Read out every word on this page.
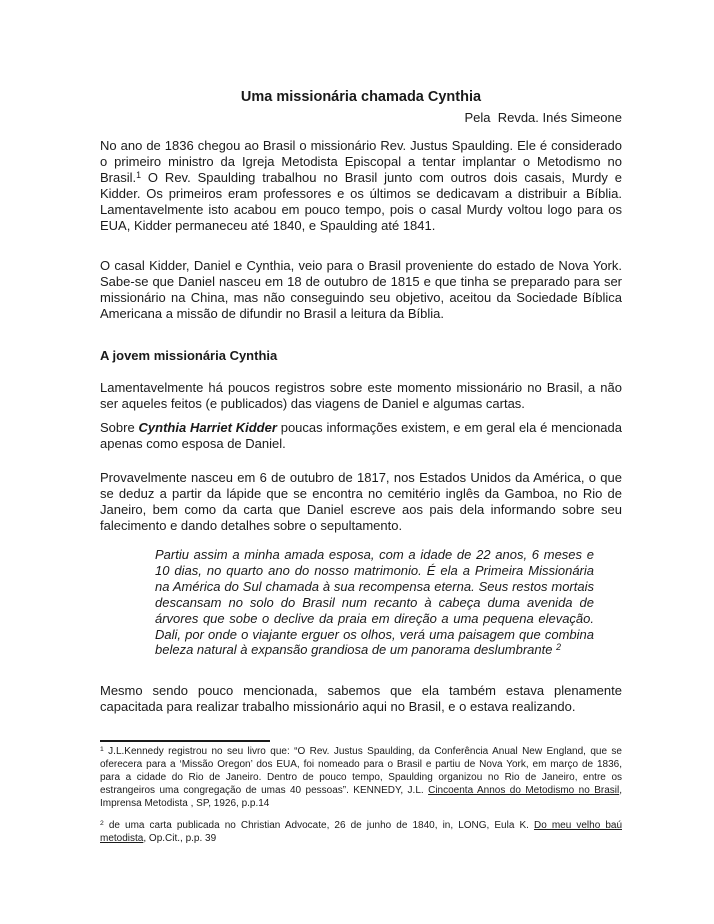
Uma missionária chamada Cynthia
Pela  Revda. Inés Simeone
No ano de 1836 chegou ao Brasil o missionário Rev. Justus Spaulding. Ele é considerado o primeiro ministro da Igreja Metodista Episcopal a tentar implantar o Metodismo no Brasil.$^1$ O Rev. Spaulding trabalhou no Brasil junto com outros dois casais, Murdy e Kidder. Os primeiros eram professores e os últimos se dedicavam a distribuir a Bíblia. Lamentavelmente isto acabou em pouco tempo, pois o casal Murdy voltou logo para os EUA, Kidder permaneceu até 1840, e Spaulding até 1841.
O casal Kidder, Daniel e Cynthia, veio para o Brasil proveniente do estado de Nova York. Sabe-se que Daniel nasceu em 18 de outubro de 1815 e que tinha se preparado para ser missionário na China, mas não conseguindo seu objetivo, aceitou da Sociedade Bíblica Americana a missão de difundir no Brasil a leitura da Bíblia.
A jovem missionária Cynthia
Lamentavelmente há poucos registros sobre este momento missionário no Brasil, a não ser aqueles feitos (e publicados) das viagens de Daniel e algumas cartas.
Sobre Cynthia Harriet Kidder poucas informações existem, e em geral ela é mencionada apenas como esposa de Daniel.
Provavelmente nasceu em 6 de outubro de 1817, nos Estados Unidos da América, o que se deduz a partir da lápide que se encontra no cemitério inglês da Gamboa, no Rio de Janeiro, bem como da carta que Daniel escreve aos pais dela informando sobre seu falecimento e dando detalhes sobre o sepultamento.
Partiu assim a minha amada esposa, com a idade de 22 anos, 6 meses e 10 dias, no quarto ano do nosso matrimonio. É ela a Primeira Missionária na América do Sul chamada à sua recompensa eterna. Seus restos mortais descansam no solo do Brasil num recanto à cabeça duma avenida de árvores que sobe o declive da praia em direção a uma pequena elevação. Dali, por onde o viajante erguer os olhos, verá uma paisagem que combina beleza natural à expansão grandiosa de um panorama deslumbrante $^2$
Mesmo sendo pouco mencionada, sabemos que ela também estava plenamente capacitada para realizar trabalho missionário aqui no Brasil, e o estava realizando.
$^1$ J.L.Kennedy registrou no seu livro que: “O Rev. Justus Spaulding, da Conferência Anual New England, que se oferecera para a ‘Missão Oregon’ dos EUA, foi nomeado para o Brasil e partiu de Nova York, em março de 1836, para a cidade do Rio de Janeiro. Dentro de pouco tempo, Spaulding organizou no Rio de Janeiro, entre os estrangeiros uma congregação de umas 40 pessoas”. KENNEDY, J.L. Cincoenta Annos do Metodismo no Brasil, Imprensa Metodista , SP, 1926, p.p.14
$^2$ de uma carta publicada no Christian Advocate, 26 de junho de 1840, in, LONG, Eula K. Do meu velho baú metodista, Op.Cit., p.p. 39
